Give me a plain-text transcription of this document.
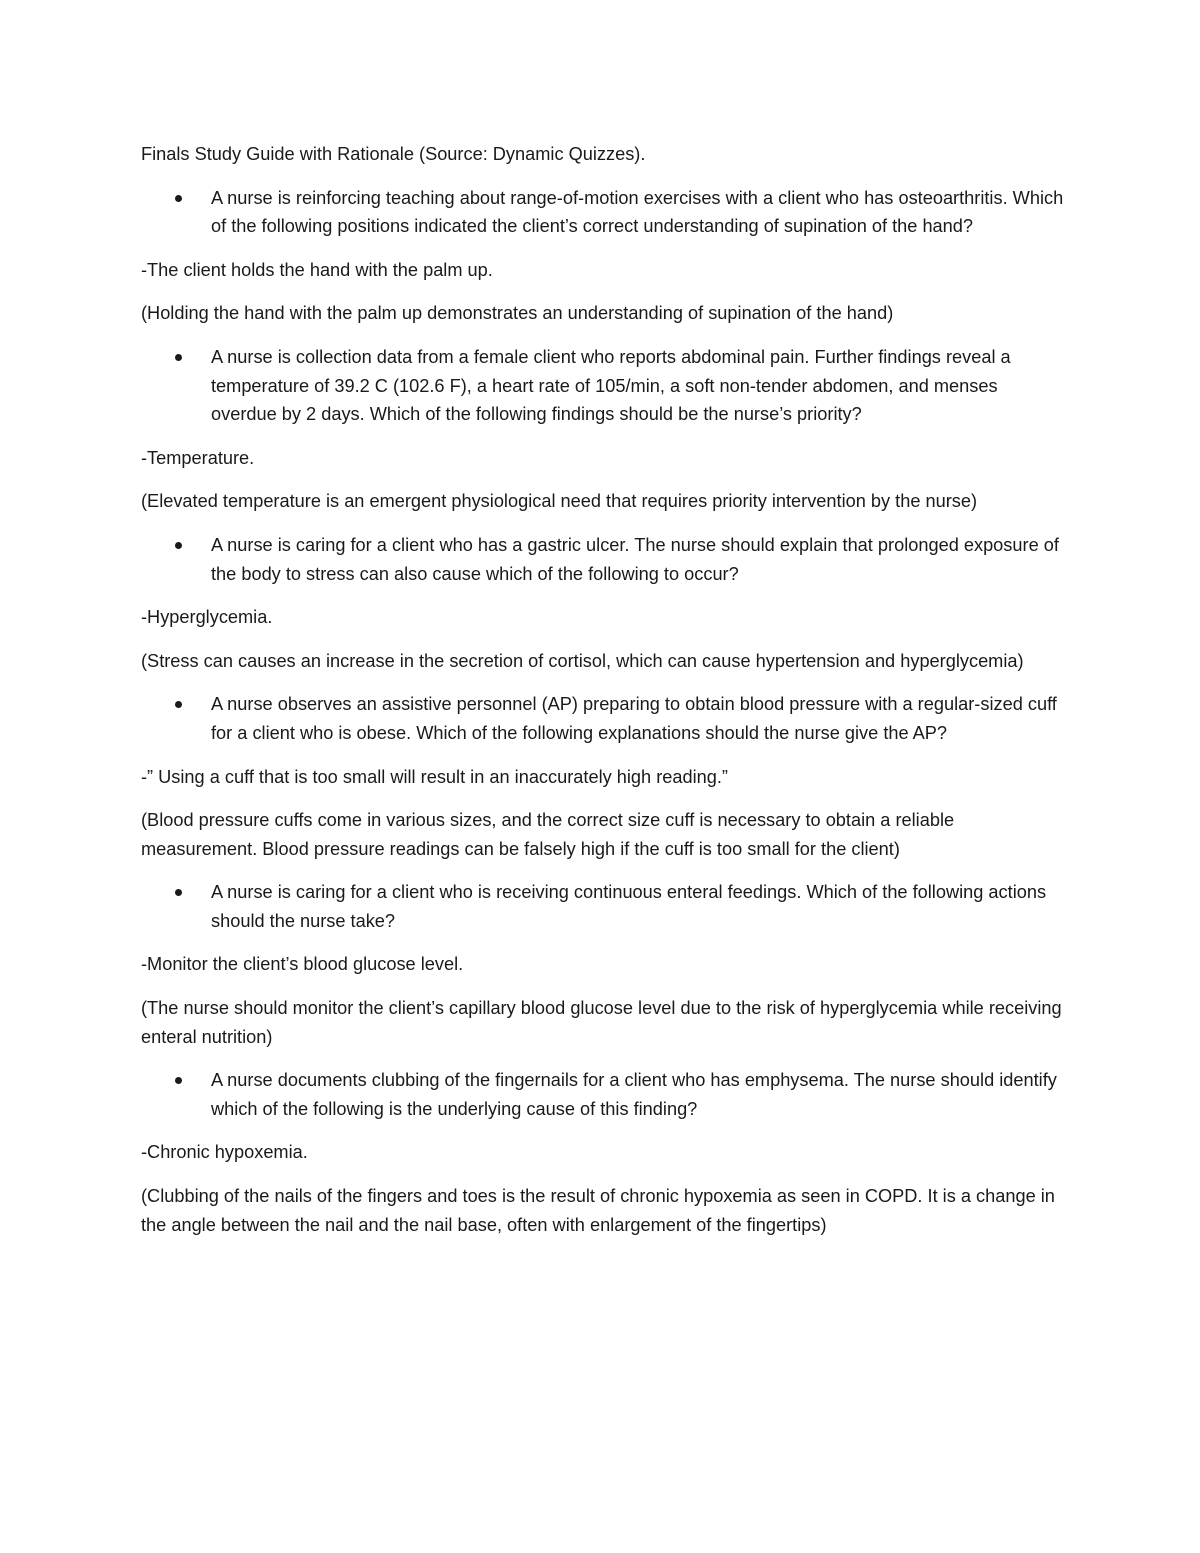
Finals Study Guide with Rationale (Source: Dynamic Quizzes).

A nurse is reinforcing teaching about range-of-motion exercises with a client who has osteoarthritis. Which of the following positions indicated the client’s correct understanding of supination of the hand?

-The client holds the hand with the palm up.

(Holding the hand with the palm up demonstrates an understanding of supination of the hand)

A nurse is collection data from a female client who reports abdominal pain. Further findings reveal a temperature of 39.2 C (102.6 F), a heart rate of 105/min, a soft non-tender abdomen, and menses overdue by 2 days. Which of the following findings should be the nurse’s priority?

-Temperature.

(Elevated temperature is an emergent physiological need that requires priority intervention by the nurse)

A nurse is caring for a client who has a gastric ulcer. The nurse should explain that prolonged exposure of the body to stress can also cause which of the following to occur?

-Hyperglycemia.

(Stress can causes an increase in the secretion of cortisol, which can cause hypertension and hyperglycemia)

A nurse observes an assistive personnel (AP) preparing to obtain blood pressure with a regular-sized cuff for a client who is obese. Which of the following explanations should the nurse give the AP?

-” Using a cuff that is too small will result in an inaccurately high reading.”

(Blood pressure cuffs come in various sizes, and the correct size cuff is necessary to obtain a reliable measurement. Blood pressure readings can be falsely high if the cuff is too small for the client)

A nurse is caring for a client who is receiving continuous enteral feedings. Which of the following actions should the nurse take?

-Monitor the client’s blood glucose level.

(The nurse should monitor the client’s capillary blood glucose level due to the risk of hyperglycemia while receiving enteral nutrition)

A nurse documents clubbing of the fingernails for a client who has emphysema. The nurse should identify which of the following is the underlying cause of this finding?

-Chronic hypoxemia.

(Clubbing of the nails of the fingers and toes is the result of chronic hypoxemia as seen in COPD. It is a change in the angle between the nail and the nail base, often with enlargement of the fingertips)
